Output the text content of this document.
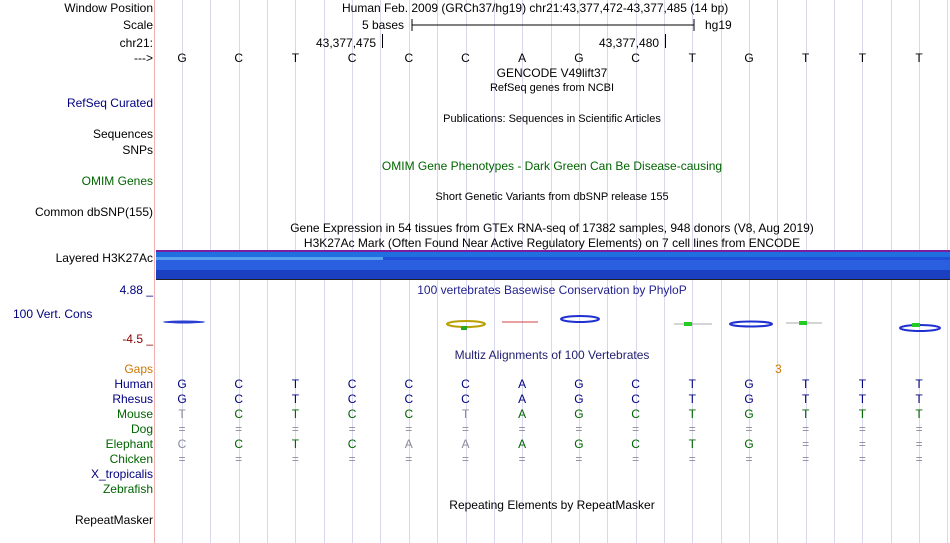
Window Position	Human Feb. 2009 (GRCh37/hg19) chr21:43,377,472-43,377,485 (14 bp)
Scale	5 bases	hg19
chr21:	43,377,475	43,377,480
---> G	C	T	C	C	C	A	G	C	T	G	T	T	T
GENCODE V49lift37
RefSeq genes from NCBI
RefSeq Curated
Publications: Sequences in Scientific Articles
Sequences
SNPs
OMIM Gene Phenotypes - Dark Green Can Be Disease-causing
OMIM Genes
Short Genetic Variants from dbSNP release 155
Common dbSNP(155)
Gene Expression in 54 tissues from GTEx RNA-seq of 17382 samples, 948 donors (V8, Aug 2019)
H3K27Ac Mark (Often Found Near Active Regulatory Elements) on 7 cell lines from ENCODE
Layered H3K27Ac
4.88 _	100 vertebrates Basewise Conservation by PhyloP
100 Vert. Cons
-4.5 _
Multiz Alignments of 100 Vertebrates
Gaps	3
Human G	C	T	C	C	C	A	G	C	T	G	T	T	T
Rhesus G	C	T	C	C	C	A	G	C	T	G	T	T	T
Mouse T	C	T	C	C	T	A	G	C	T	G	T	T	T
Dog =	=	=	=	=	=	=	=	=	=	=	=	=	=
Elephant C	C	T	C	A	A	A	G	C	T	G	=	=	=
Chicken =	=	=	=	=	=	=	=	=	=	=	=	=	=
X_tropicalis
Zebrafish
Repeating Elements by RepeatMasker
RepeatMasker
